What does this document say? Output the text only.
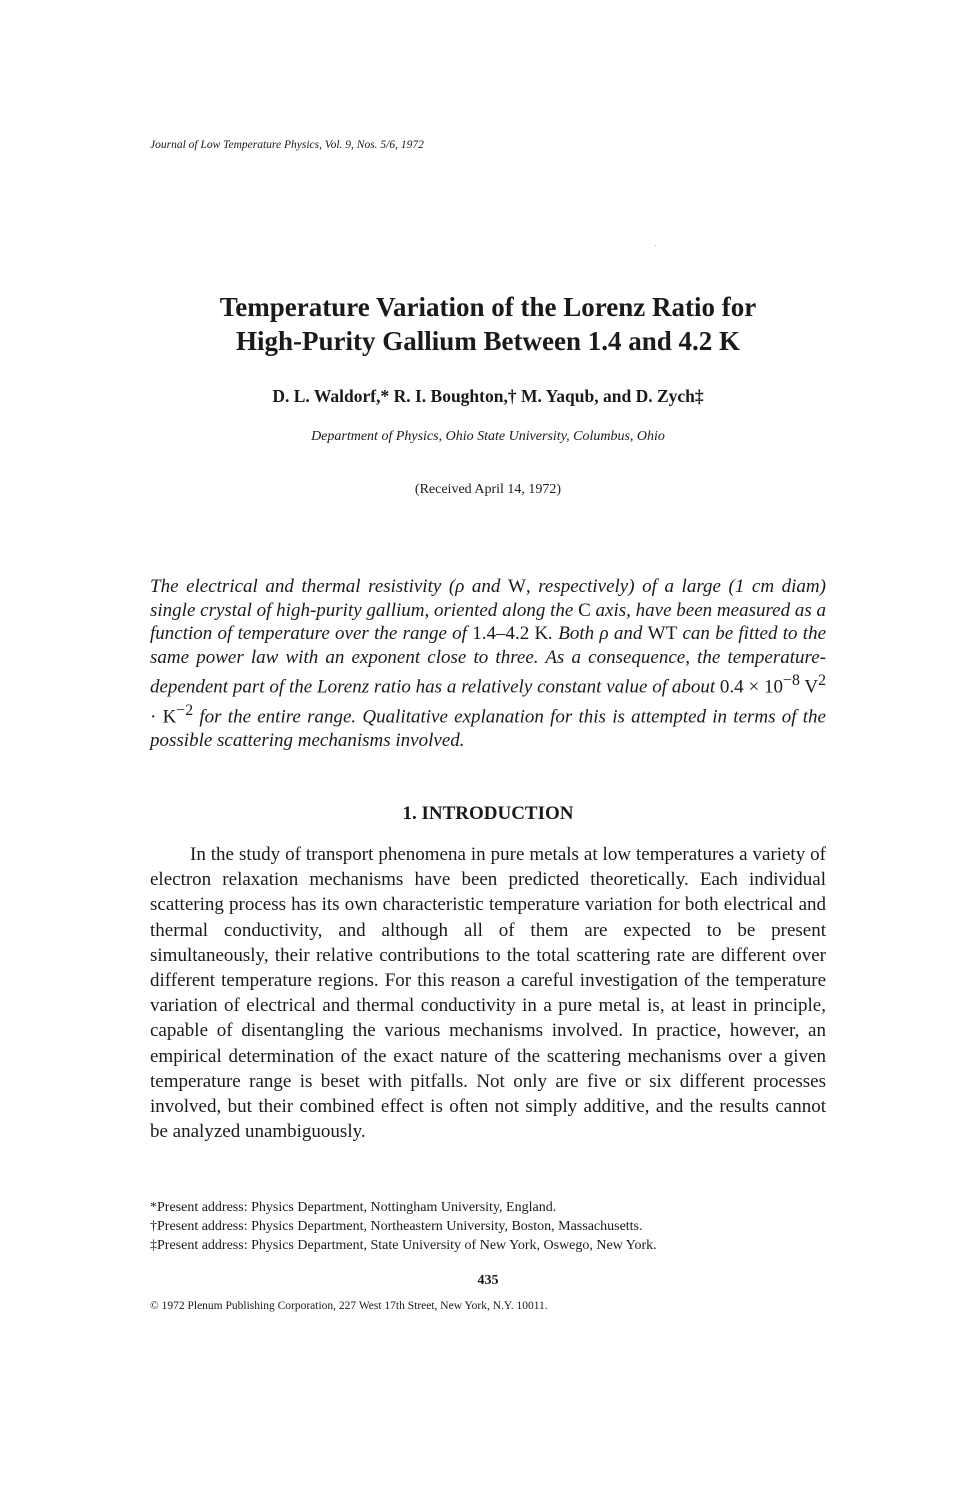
Journal of Low Temperature Physics, Vol. 9, Nos. 5/6, 1972
Temperature Variation of the Lorenz Ratio for
High-Purity Gallium Between 1.4 and 4.2 K
D. L. Waldorf,* R. I. Boughton,† M. Yaqub, and D. Zych‡
Department of Physics, Ohio State University, Columbus, Ohio
(Received April 14, 1972)

The electrical and thermal resistivity (ρ and W, respectively) of a large (1 cm diam) single crystal of high-purity gallium, oriented along the C axis, have been measured as a function of temperature over the range of 1.4–4.2 K. Both ρ and WT can be fitted to the same power law with an exponent close to three. As a consequence, the temperature-dependent part of the Lorenz ratio has a relatively constant value of about $0.4 \times 10^{-8}$ $V^2 \cdot K^{-2}$ for the entire range. Qualitative explanation for this is attempted in terms of the possible scattering mechanisms involved.

1. INTRODUCTION

In the study of transport phenomena in pure metals at low temperatures a variety of electron relaxation mechanisms have been predicted theoretically. Each individual scattering process has its own characteristic temperature variation for both electrical and thermal conductivity, and although all of them are expected to be present simultaneously, their relative contributions to the total scattering rate are different over different temperature regions. For this reason a careful investigation of the temperature variation of electrical and thermal conductivity in a pure metal is, at least in principle, capable of disentangling the various mechanisms involved. In practice, however, an empirical determination of the exact nature of the scattering mechanisms over a given temperature range is beset with pitfalls. Not only are five or six different processes involved, but their combined effect is often not simply additive, and the results cannot be analyzed unambiguously.

*Present address: Physics Department, Nottingham University, England.
†Present address: Physics Department, Northeastern University, Boston, Massachusetts.
‡Present address: Physics Department, State University of New York, Oswego, New York.
435
© 1972 Plenum Publishing Corporation, 227 West 17th Street, New York, N.Y. 10011.
